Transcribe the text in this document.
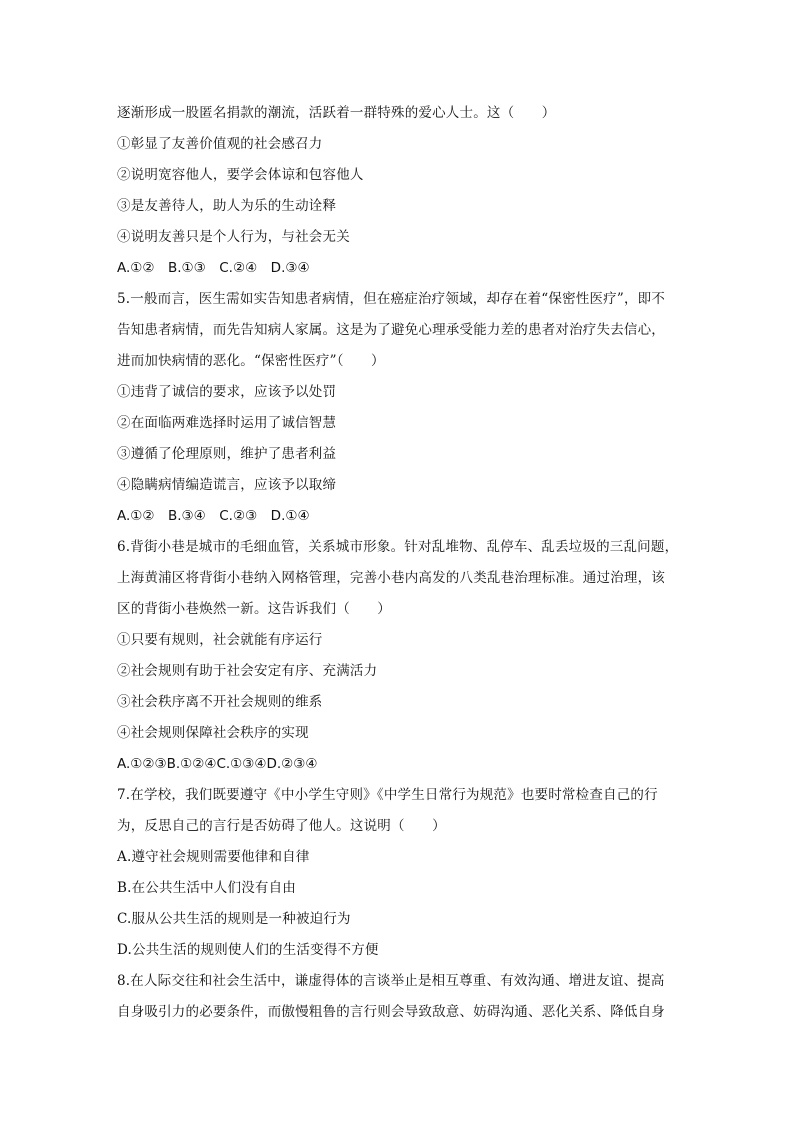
逐渐形成一股匿名捐款的潮流，活跃着一群特殊的爱心人士。这（　　）
①彰显了友善价值观的社会感召力
②说明宽容他人，要学会体谅和包容他人
③是友善待人，助人为乐的生动诠释
④说明友善只是个人行为，与社会无关
A.①②　B.①③　C.②④　D.③④
5.一般而言，医生需如实告知患者病情，但在癌症治疗领域，却存在着“保密性医疗”，即不
告知患者病情，而先告知病人家属。这是为了避免心理承受能力差的患者对治疗失去信心，
进而加快病情的恶化。“保密性医疗”（　　）
①违背了诚信的要求，应该予以处罚
②在面临两难选择时运用了诚信智慧
③遵循了伦理原则，维护了患者利益
④隐瞒病情编造谎言，应该予以取缔
A.①②　B.③④　C.②③　D.①④
6.背街小巷是城市的毛细血管，关系城市形象。针对乱堆物、乱停车、乱丢垃圾的三乱问题，
上海黄浦区将背街小巷纳入网格管理，完善小巷内高发的八类乱巷治理标准。通过治理，该
区的背街小巷焕然一新。这告诉我们（　　）
①只要有规则，社会就能有序运行
②社会规则有助于社会安定有序、充满活力
③社会秩序离不开社会规则的维系
④社会规则保障社会秩序的实现
A.①②③B.①②④C.①③④D.②③④
7.在学校，我们既要遵守《中小学生守则》《中学生日常行为规范》也要时常检查自己的行
为，反思自己的言行是否妨碍了他人。这说明（　　）
A.遵守社会规则需要他律和自律
B.在公共生活中人们没有自由
C.服从公共生活的规则是一种被迫行为
D.公共生活的规则使人们的生活变得不方便
8.在人际交往和社会生活中，谦虚得体的言谈举止是相互尊重、有效沟通、增进友谊、提高
自身吸引力的必要条件，而傲慢粗鲁的言行则会导致敌意、妨碍沟通、恶化关系、降低自身
